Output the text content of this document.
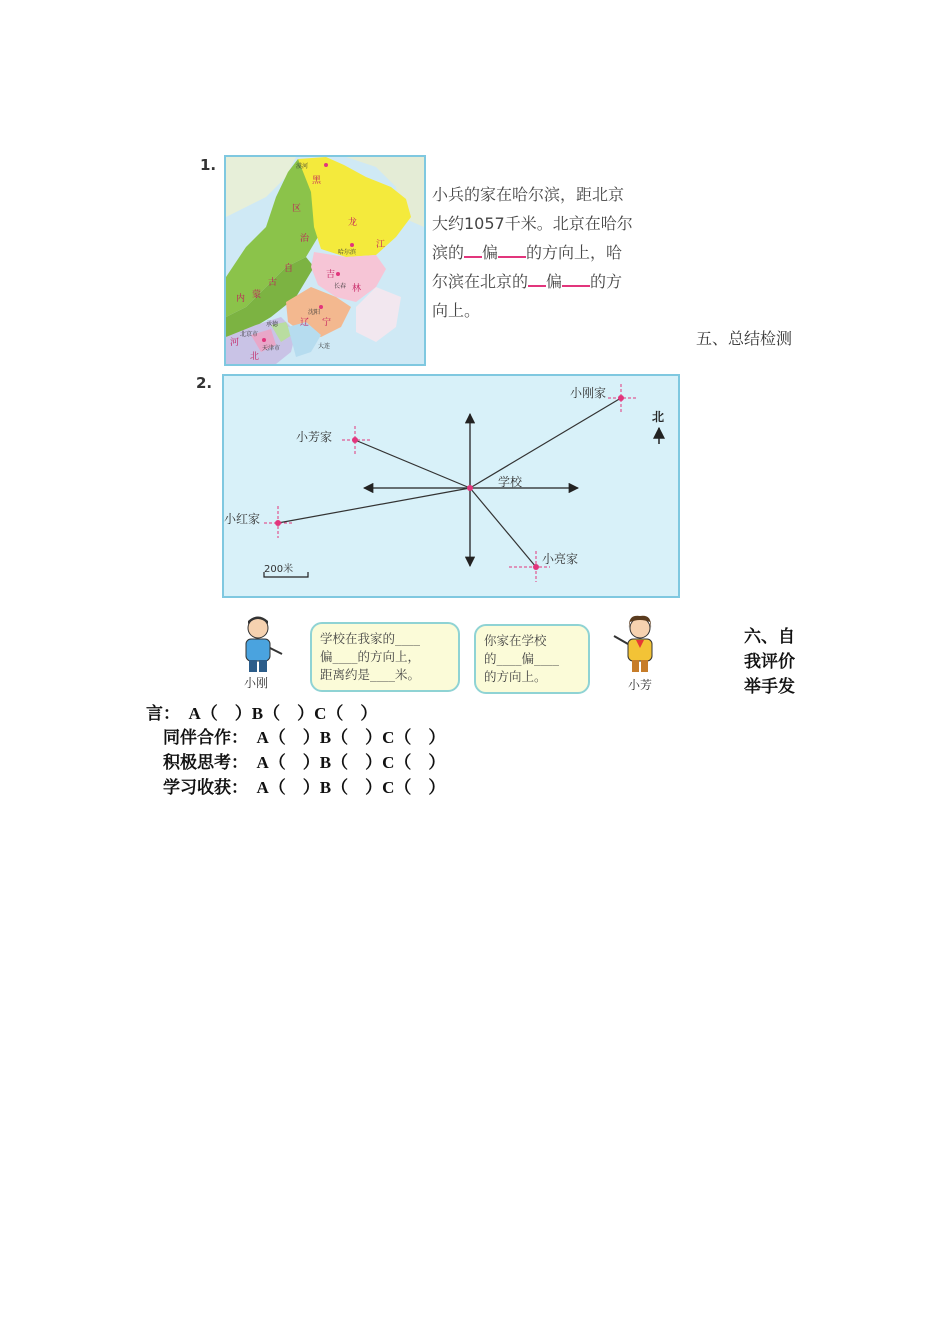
1.	漠河
黑
龙
江
哈尔滨
吉
林
长春
沈阳
辽 宁
内 蒙
古
自
治
区
北京市
天津市
承德
大连
河
北
小兵的家在哈尔滨，距北京
大约1057千米。北京在哈尔
滨的 偏 的方向上，哈
尔滨在北京的 偏 的方
向上。
五、总结检测
2.
小刚家
小芳家
小红家
小亮家
学校
北
200米
小刚
学校在我家的____
偏____的方向上，
距离约是____米。
你家在学校
的____偏____
的方向上。
小芳
六、自
我评价
举手发
言：  A（    ）B（    ）C（    ）
同伴合作：  A（    ）B（    ）C（    ）
积极思考：  A（    ）B（    ）C（    ）
学习收获：  A（    ）B（    ）C（    ）
